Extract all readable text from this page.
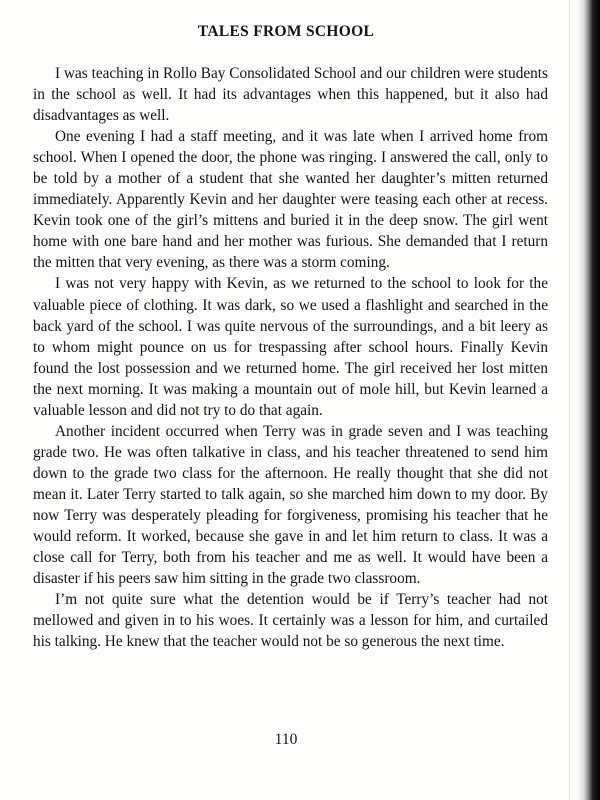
TALES FROM SCHOOL

I was teaching in Rollo Bay Consolidated School and our children were students in the school as well. It had its advantages when this happened, but it also had disadvantages as well.

One evening I had a staff meeting, and it was late when I arrived home from school. When I opened the door, the phone was ringing. I answered the call, only to be told by a mother of a student that she wanted her daughter’s mitten returned immediately. Apparently Kevin and her daughter were teasing each other at recess. Kevin took one of the girl’s mittens and buried it in the deep snow. The girl went home with one bare hand and her mother was furious. She demanded that I return the mitten that very evening, as there was a storm coming.

I was not very happy with Kevin, as we returned to the school to look for the valuable piece of clothing. It was dark, so we used a flashlight and searched in the back yard of the school. I was quite nervous of the surroundings, and a bit leery as to whom might pounce on us for trespassing after school hours. Finally Kevin found the lost possession and we returned home. The girl received her lost mitten the next morning. It was making a mountain out of mole hill, but Kevin learned a valuable lesson and did not try to do that again.

Another incident occurred when Terry was in grade seven and I was teaching grade two. He was often talkative in class, and his teacher threatened to send him down to the grade two class for the afternoon. He really thought that she did not mean it. Later Terry started to talk again, so she marched him down to my door. By now Terry was desperately pleading for forgiveness, promising his teacher that he would reform. It worked, because she gave in and let him return to class. It was a close call for Terry, both from his teacher and me as well. It would have been a disaster if his peers saw him sitting in the grade two classroom.

I’m not quite sure what the detention would be if Terry’s teacher had not mellowed and given in to his woes. It certainly was a lesson for him, and curtailed his talking. He knew that the teacher would not be so generous the next time.

110
